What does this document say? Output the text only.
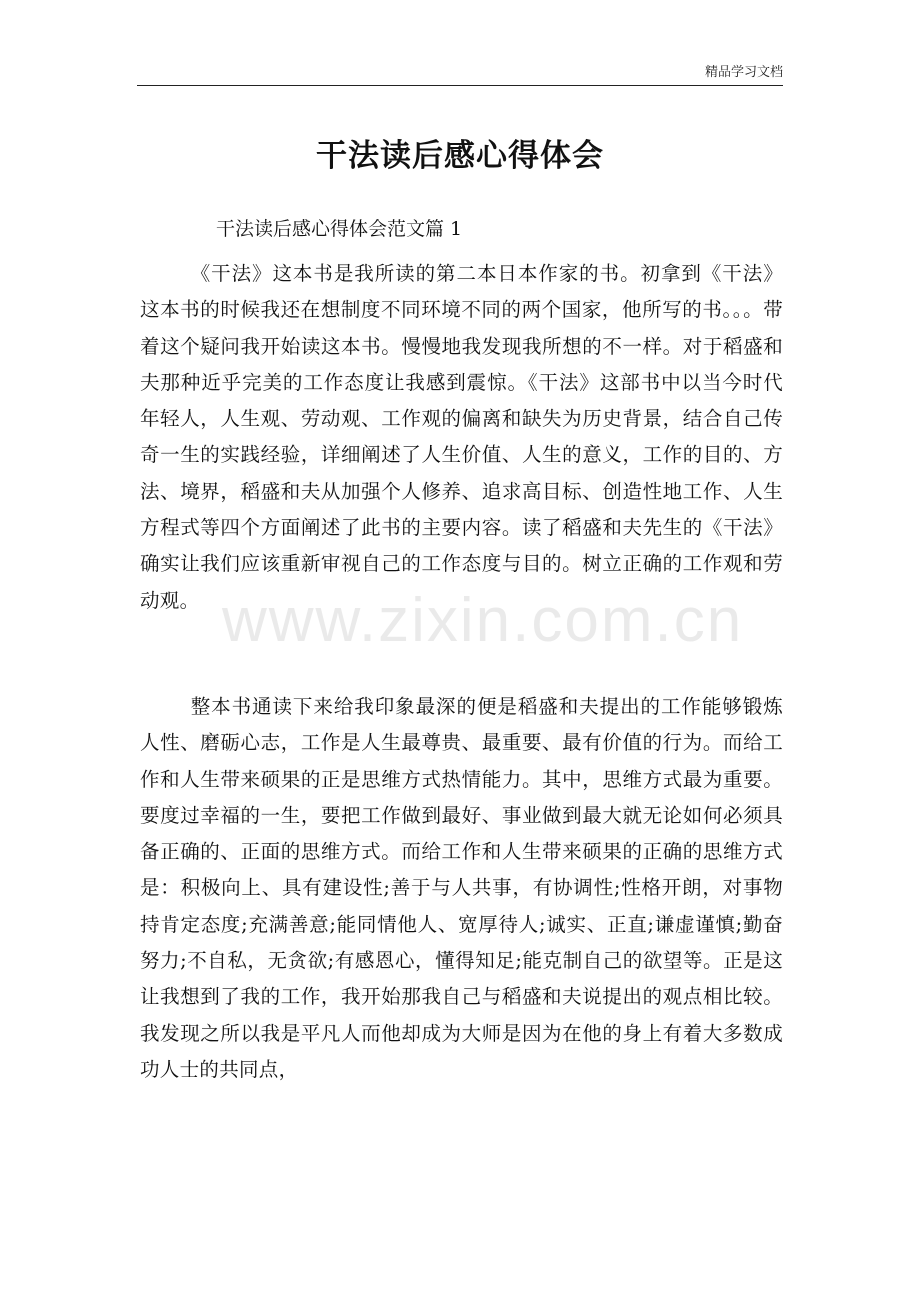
精品学习文档
干法读后感心得体会
干法读后感心得体会范文篇 1

《干法》这本书是我所读的第二本日本作家的书。初拿到《干法》这本书的时候我还在想制度不同环境不同的两个国家，他所写的书。。。带着这个疑问我开始读这本书。慢慢地我发现我所想的不一样。对于稻盛和夫那种近乎完美的工作态度让我感到震惊。《干法》这部书中以当今时代年轻人，人生观、劳动观、工作观的偏离和缺失为历史背景，结合自己传奇一生的实践经验，详细阐述了人生价值、人生的意义，工作的目的、方法、境界，稻盛和夫从加强个人修养、追求高目标、创造性地工作、人生方程式等四个方面阐述了此书的主要内容。读了稻盛和夫先生的《干法》确实让我们应该重新审视自己的工作态度与目的。树立正确的工作观和劳动观。

整本书通读下来给我印象最深的便是稻盛和夫提出的工作能够锻炼人性、磨砺心志，工作是人生最尊贵、最重要、最有价值的行为。而给工作和人生带来硕果的正是思维方式热情能力。其中，思维方式最为重要。要度过幸福的一生，要把工作做到最好、事业做到最大就无论如何必须具备正确的、正面的思维方式。而给工作和人生带来硕果的正确的思维方式是：积极向上、具有建设性;善于与人共事，有协调性;性格开朗，对事物持肯定态度;充满善意;能同情他人、宽厚待人;诚实、正直;谦虚谨慎;勤奋努力;不自私，无贪欲;有感恩心，懂得知足;能克制自己的欲望等。正是这让我想到了我的工作，我开始那我自己与稻盛和夫说提出的观点相比较。我发现之所以我是平凡人而他却成为大师是因为在他的身上有着大多数成功人士的共同点，

www.zixin.com.cn
